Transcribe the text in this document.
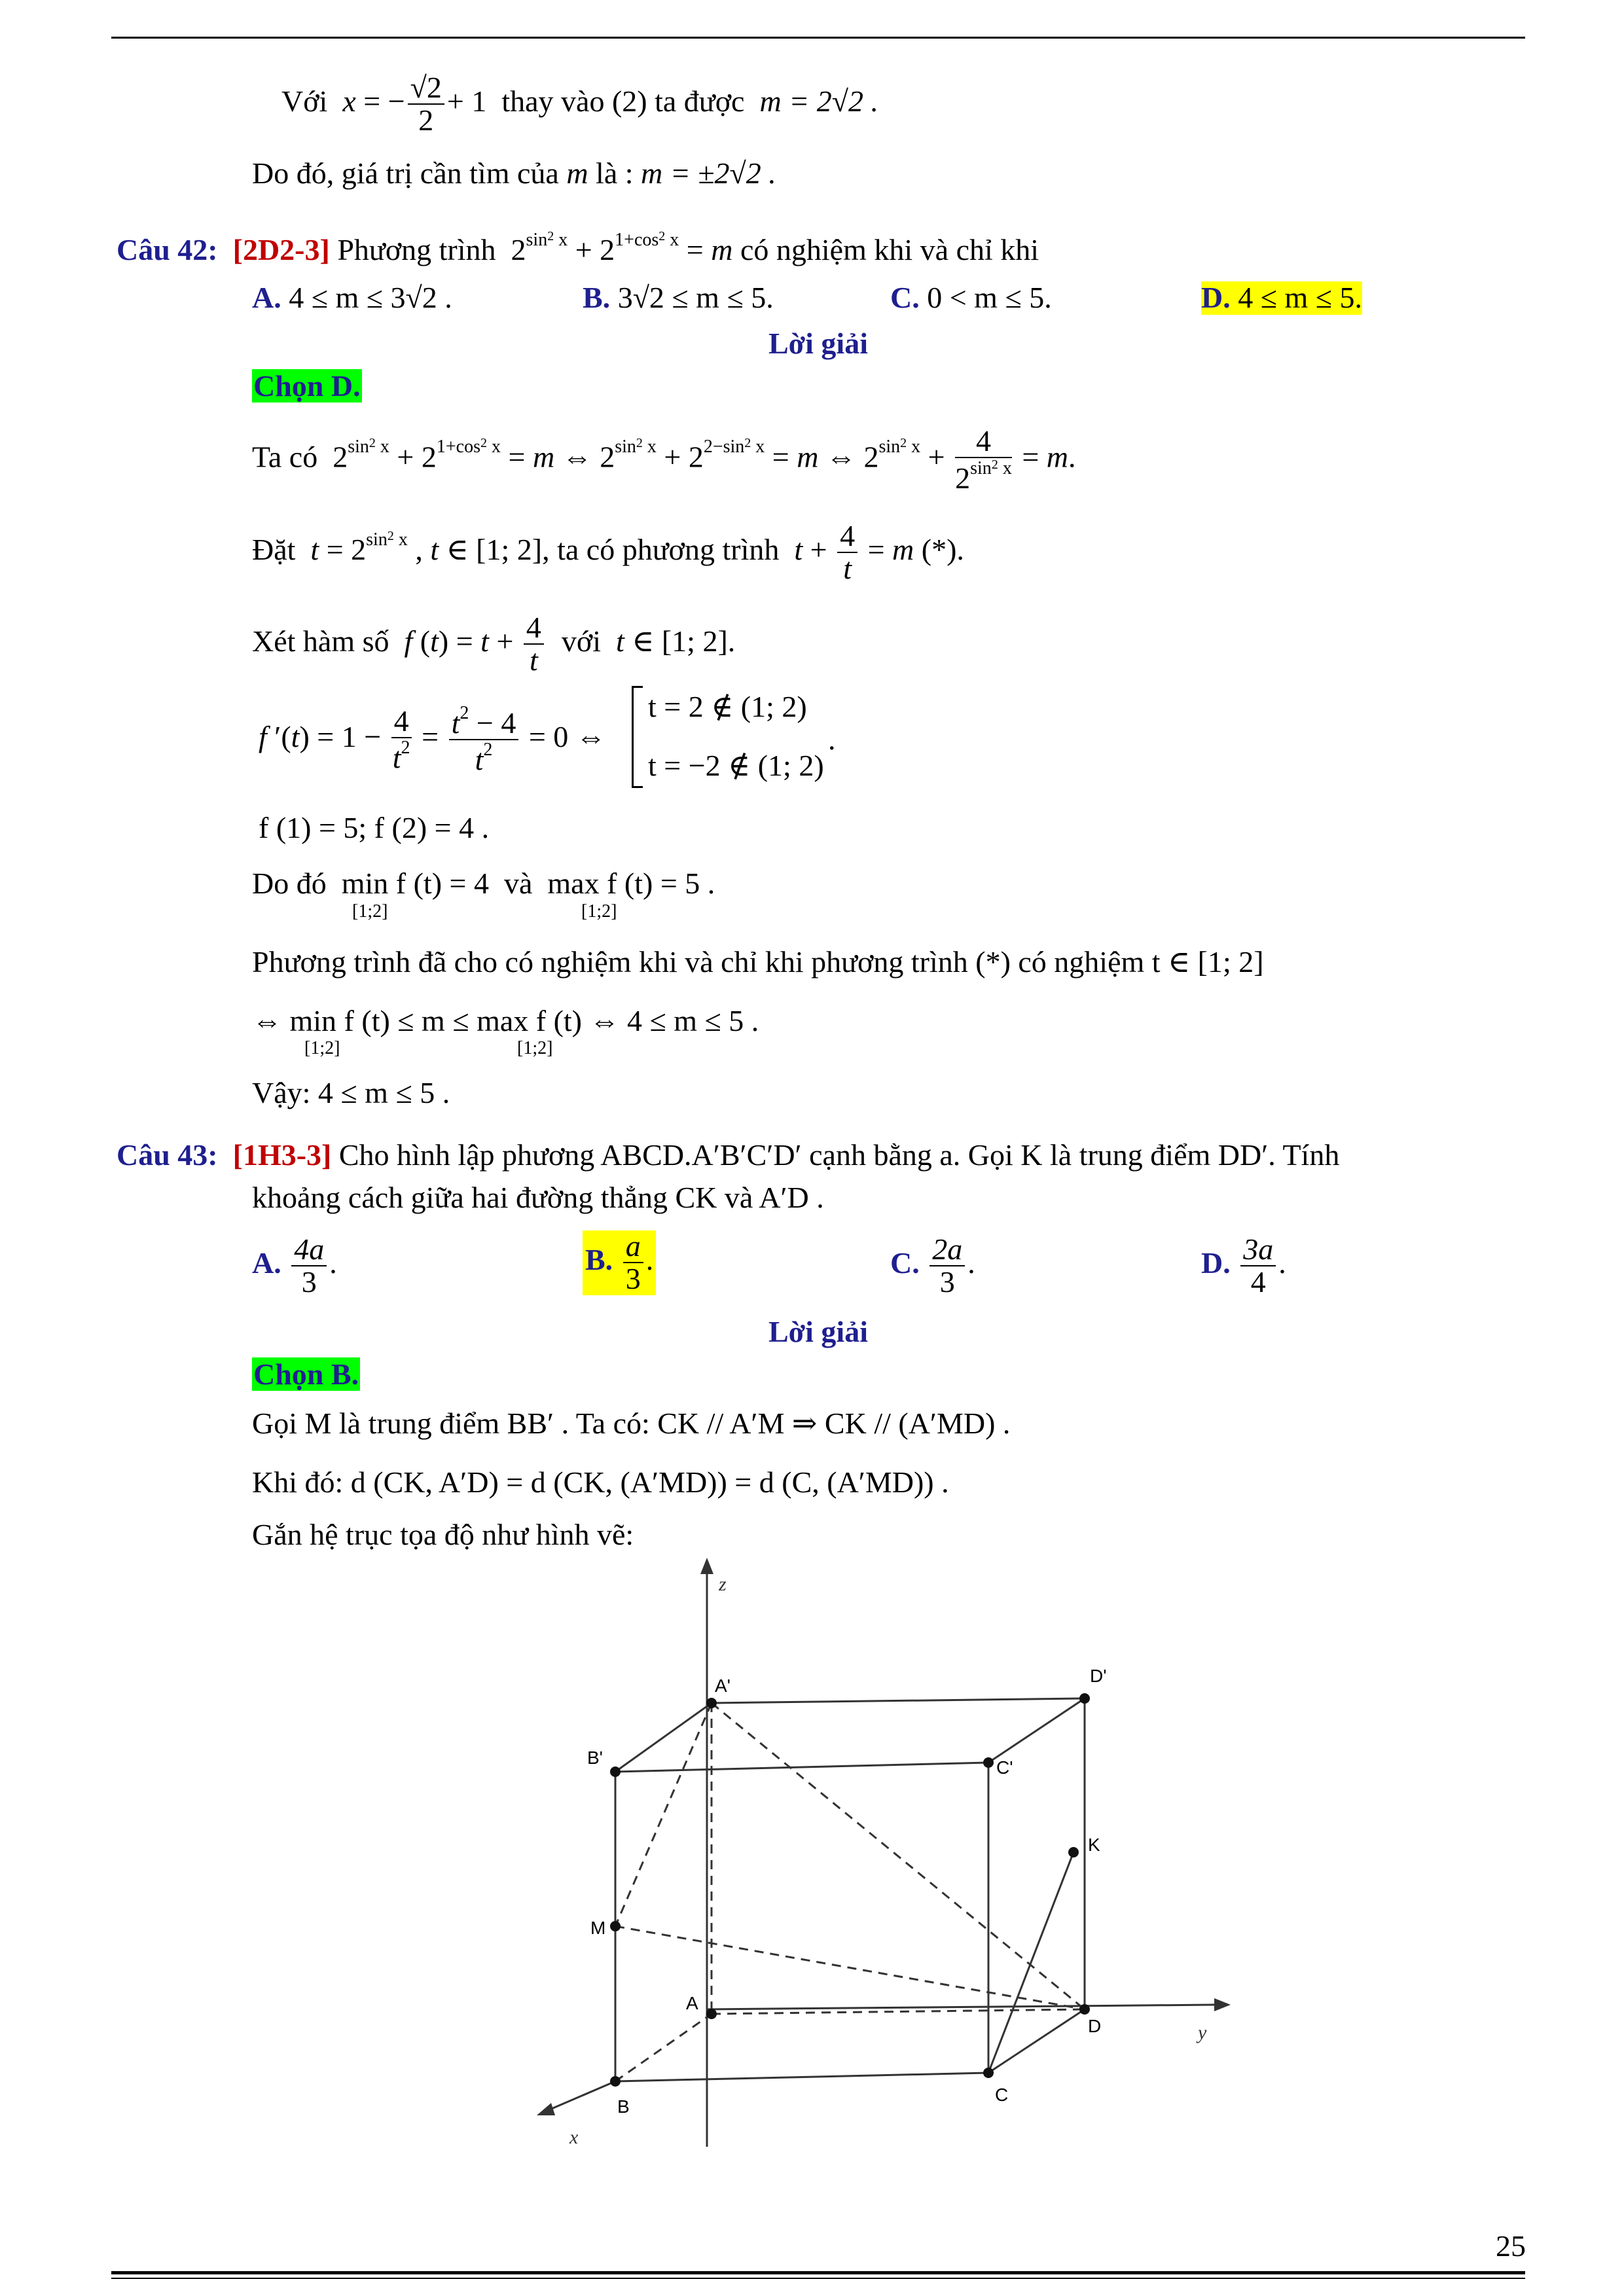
Với x = − $\frac{√2}{2} + 1$  thay vào (2) ta được m = 2√2 .
Do đó, giá trị cần tìm của m là : m = ±2√2 .
Câu 42: [2D2-3] Phương trình  $2^{sin^2 x} + 2^{1+cos^2 x} = m$ có nghiệm khi và chỉ khi
A. 4 ≤ m ≤ 3√2 .	B. 3√2 ≤ m ≤ 5.	C. 0 < m ≤ 5.	D. 4 ≤ m ≤ 5.
Lời giải
Chọn D.
Ta có  $2^{sin^2 x} + 2^{1+cos^2 x} = m$ ⇔ $2^{sin^2 x} + 2^{2-sin^2 x} = m$ ⇔ $2^{sin^2 x} + \frac{4}{2^{sin^2 x}} = m$.
Đặt $t = 2^{sin^2 x}$ , t ∈ [1; 2], ta có phương trình $t + \frac{4}{t} = m$ (*).
Xét hàm số f $(t) = t + \frac{4}{t}$ với t ∈ [1; 2].
f $'(t) = 1 - \frac{4}{t^2} = \frac{t^2 - 4}{t^2} = 0$ ⇔
t = 2 ∉ (1; 2)
t = −2 ∉ (1; 2)
.
f (1) = 5; f (2) = 4 .
Do đó min f (t) = 4 và max f (t) = 5 .
[1;2]	[1;2]
Phương trình đã cho có nghiệm khi và chỉ khi phương trình (*) có nghiệm t ∈ [1; 2]
⇔ min f (t) ≤ m ≤ max f (t) ⇔ 4 ≤ m ≤ 5 .
[1;2]	[1;2]
Vậy: 4 ≤ m ≤ 5 .
Câu 43: [1H3-3] Cho hình lập phương ABCD.A′B′C′D′ cạnh bằng a. Gọi K là trung điểm DD′. Tính
khoảng cách giữa hai đường thẳng CK và A′D .
A. $\frac{4a}{3}$ .	B. $\frac{a}{3}$ .	C. $\frac{2a}{3}$ .	D. $\frac{3a}{4}$ .
Lời giải
Chọn B.
Gọi M là trung điểm BB′ . Ta có: CK // A′M ⇒ CK // (A′MD) .
Khi đó: d (CK, A′D) = d (CK, (A′MD)) = d (C, (A′MD)) .
Gắn hệ trục tọa độ như hình vẽ:
A'	D'
B'	C'
K
M
A
D
B
C
z
y
x
25
